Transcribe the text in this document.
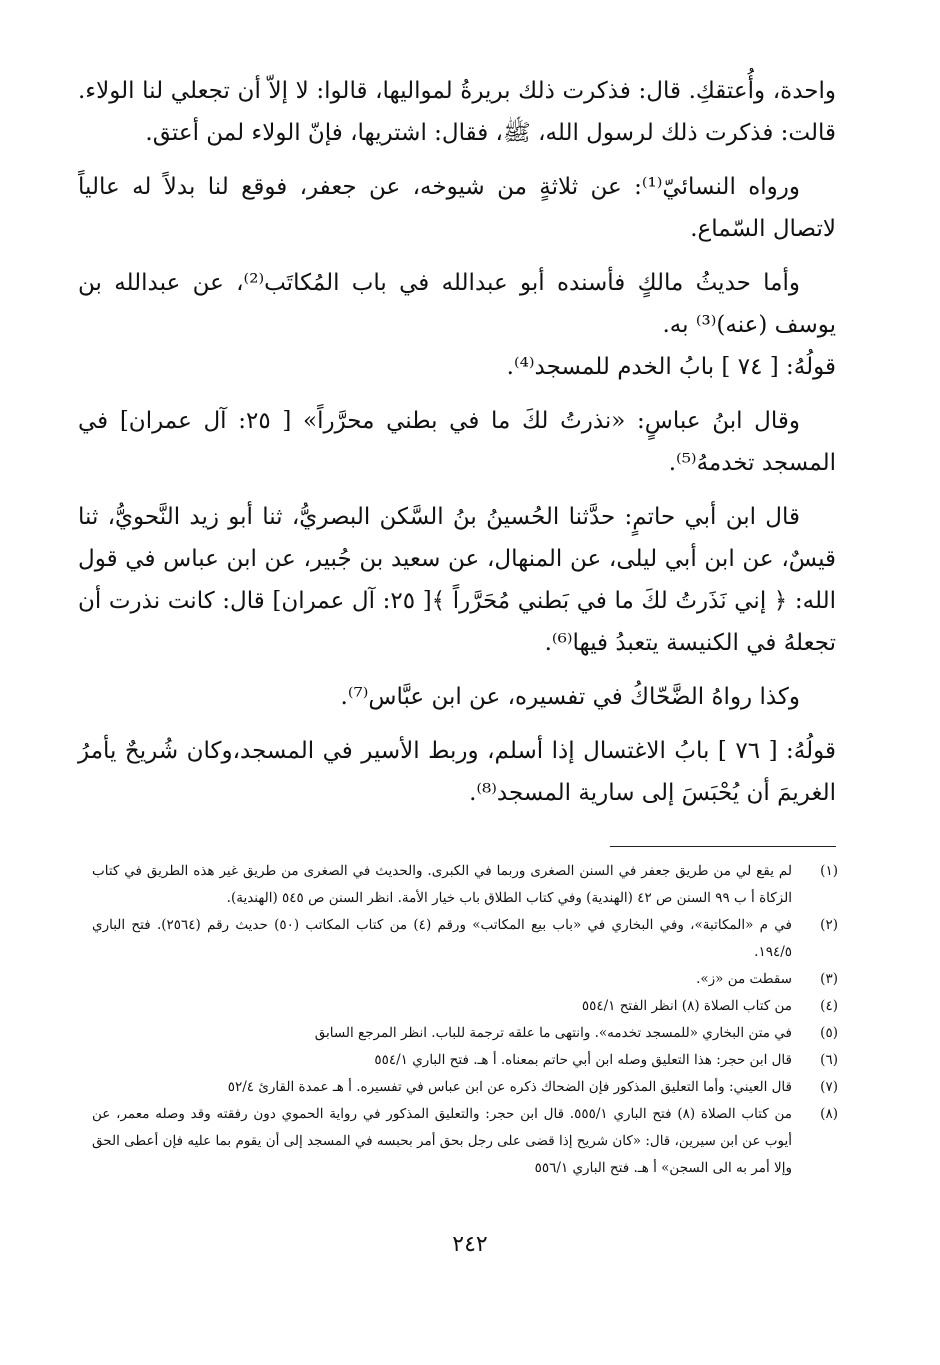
واحدة، وأُعتقكِ. قال: فذكرت ذلك بريرةُ لمواليها، قالوا: لا إلاّ أن تجعلي لنا الولاء. قالت: فذكرت ذلك لرسول الله، ﷺ، فقال: اشتريها، فإنّ الولاء لمن أعتق.

ورواه النسائيّ⁽¹⁾: عن ثلاثةٍ من شيوخه، عن جعفر، فوقع لنا بدلاً له عالياً لاتصال السّماع.

وأما حديثُ مالكٍ فأسنده أبو عبدالله في باب المُكاتَب⁽²⁾، عن عبدالله بن يوسف (عنه)⁽³⁾ به.

قولُهُ: [ ٧٤ ] بابُ الخدم للمسجد⁽⁴⁾.

وقال ابنُ عباسٍ: «نذرتُ لكَ ما في بطني محرَّراً» [ ٢٥: آل عمران] في المسجد تخدمهُ⁽⁵⁾.

قال ابن أبي حاتمٍ: حدَّثنا الحُسينُ بنُ السَّكن البصريُّ، ثنا أبو زيد النَّحويُّ، ثنا قيسٌ، عن ابن أبي ليلى، عن المنهال، عن سعيد بن جُبير، عن ابن عباس في قول الله: ﴿ إني نَذَرتُ لكَ ما في بَطني مُحَرَّراً ﴾[ ٢٥: آل عمران] قال: كانت نذرت أن تجعلهُ في الكنيسة يتعبدُ فيها⁽⁶⁾.

وكذا رواهُ الضَّحّاكُ في تفسيره، عن ابن عبَّاس⁽⁷⁾.

قولُهُ: [ ٧٦ ] بابُ الاغتسال إذا أسلم، وربط الأسير في المسجد،وكان شُريحٌ يأمرُ الغريمَ أن يُحْبَسَ إلى سارية المسجد⁽⁸⁾.

(١)
لم يقع لي من طريق جعفر في السنن الصغرى وربما في الكبرى. والحديث في الصغرى من طريق غير هذه الطريق في كتاب الزكاة أ ب ٩٩ السنن ص ٤٢ (الهندية) وفي كتاب الطلاق باب خيار الأمة. انظر السنن ص ٥٤٥ (الهندية).
(٢)
في م «المكاتبة»، وفي البخاري في «باب بيع المكاتب» ورقم (٤) من كتاب المكاتب (٥٠) حديث رقم (٢٥٦٤). فتح الباري ١٩٤/٥.
(٣)
سقطت من «ز».
(٤)
من كتاب الصلاة (٨) انظر الفتح ٥٥٤/١
(٥)
في متن البخاري «للمسجد تخدمه». وانتهى ما علقه ترجمة للباب. انظر المرجع السابق
(٦)
قال ابن حجر: هذا التعليق وصله ابن أبي حاتم بمعناه. أ هـ. فتح الباري ٥٥٤/١
(٧)
قال العيني: وأما التعليق المذكور فإن الضحاك ذكره عن ابن عباس في تفسيره. أ هـ عمدة القارئ ٥٢/٤
(٨)
من كتاب الصلاة (٨) فتح الباري ٥٥٥/١. قال ابن حجر: والتعليق المذكور في رواية الحموي دون رفقته وقد وصله معمر، عن أيوب عن ابن سيرين، قال: «كان شريح إذا قضى على رجل بحق أمر بحبسه في المسجد إلى أن يقوم بما عليه فإن أعطى الحق وإلا أمر به الى السجن» أ هـ. فتح الباري ٥٥٦/١
٢٤٢
